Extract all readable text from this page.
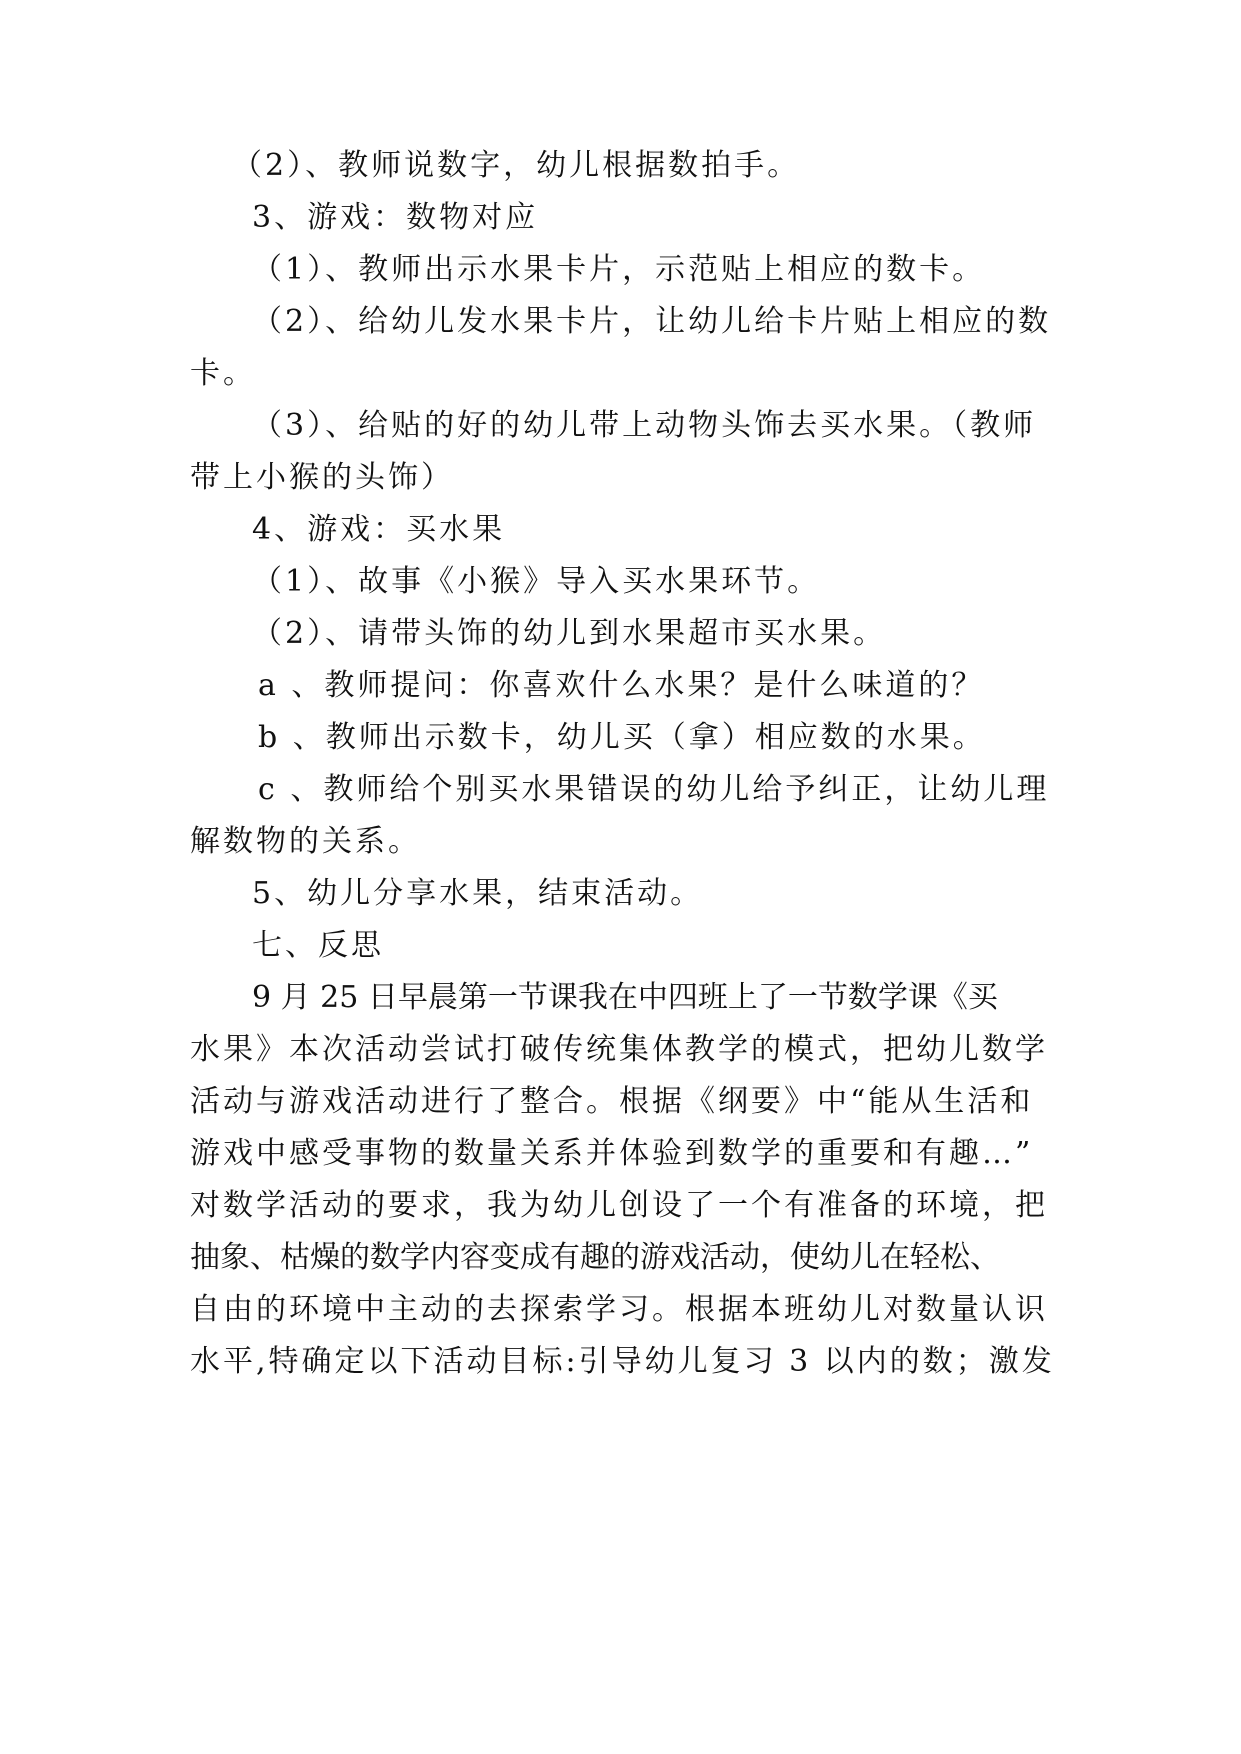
（2）、教师说数字，幼儿根据数拍手。
3、游戏：数物对应
（1）、教师出示水果卡片，示范贴上相应的数卡。
（2）、给幼儿发水果卡片，让幼儿给卡片贴上相应的数
卡。
（3）、给贴的好的幼儿带上动物头饰去买水果。（教师
带上小猴的头饰）
4、游戏：买水果
（1）、故事《小猴》导入买水果环节。
（2）、请带头饰的幼儿到水果超市买水果。
a 、教师提问：你喜欢什么水果？是什么味道的？
b 、教师出示数卡，幼儿买（拿）相应数的水果。
c 、教师给个别买水果错误的幼儿给予纠正，让幼儿理
解数物的关系。
5、幼儿分享水果，结束活动。
七、反思
9 月 25 日早晨第一节课我在中四班上了一节数学课《买
水果》本次活动尝试打破传统集体教学的模式，把幼儿数学
活动与游戏活动进行了整合。根据《纲要》中“能从生活和
游戏中感受事物的数量关系并体验到数学的重要和有趣…”
对数学活动的要求，我为幼儿创设了一个有准备的环境，把
抽象、枯燥的数学内容变成有趣的游戏活动，使幼儿在轻松、
自由的环境中主动的去探索学习。根据本班幼儿对数量认识
水平,特确定以下活动目标:引导幼儿复习 3 以内的数；激发
